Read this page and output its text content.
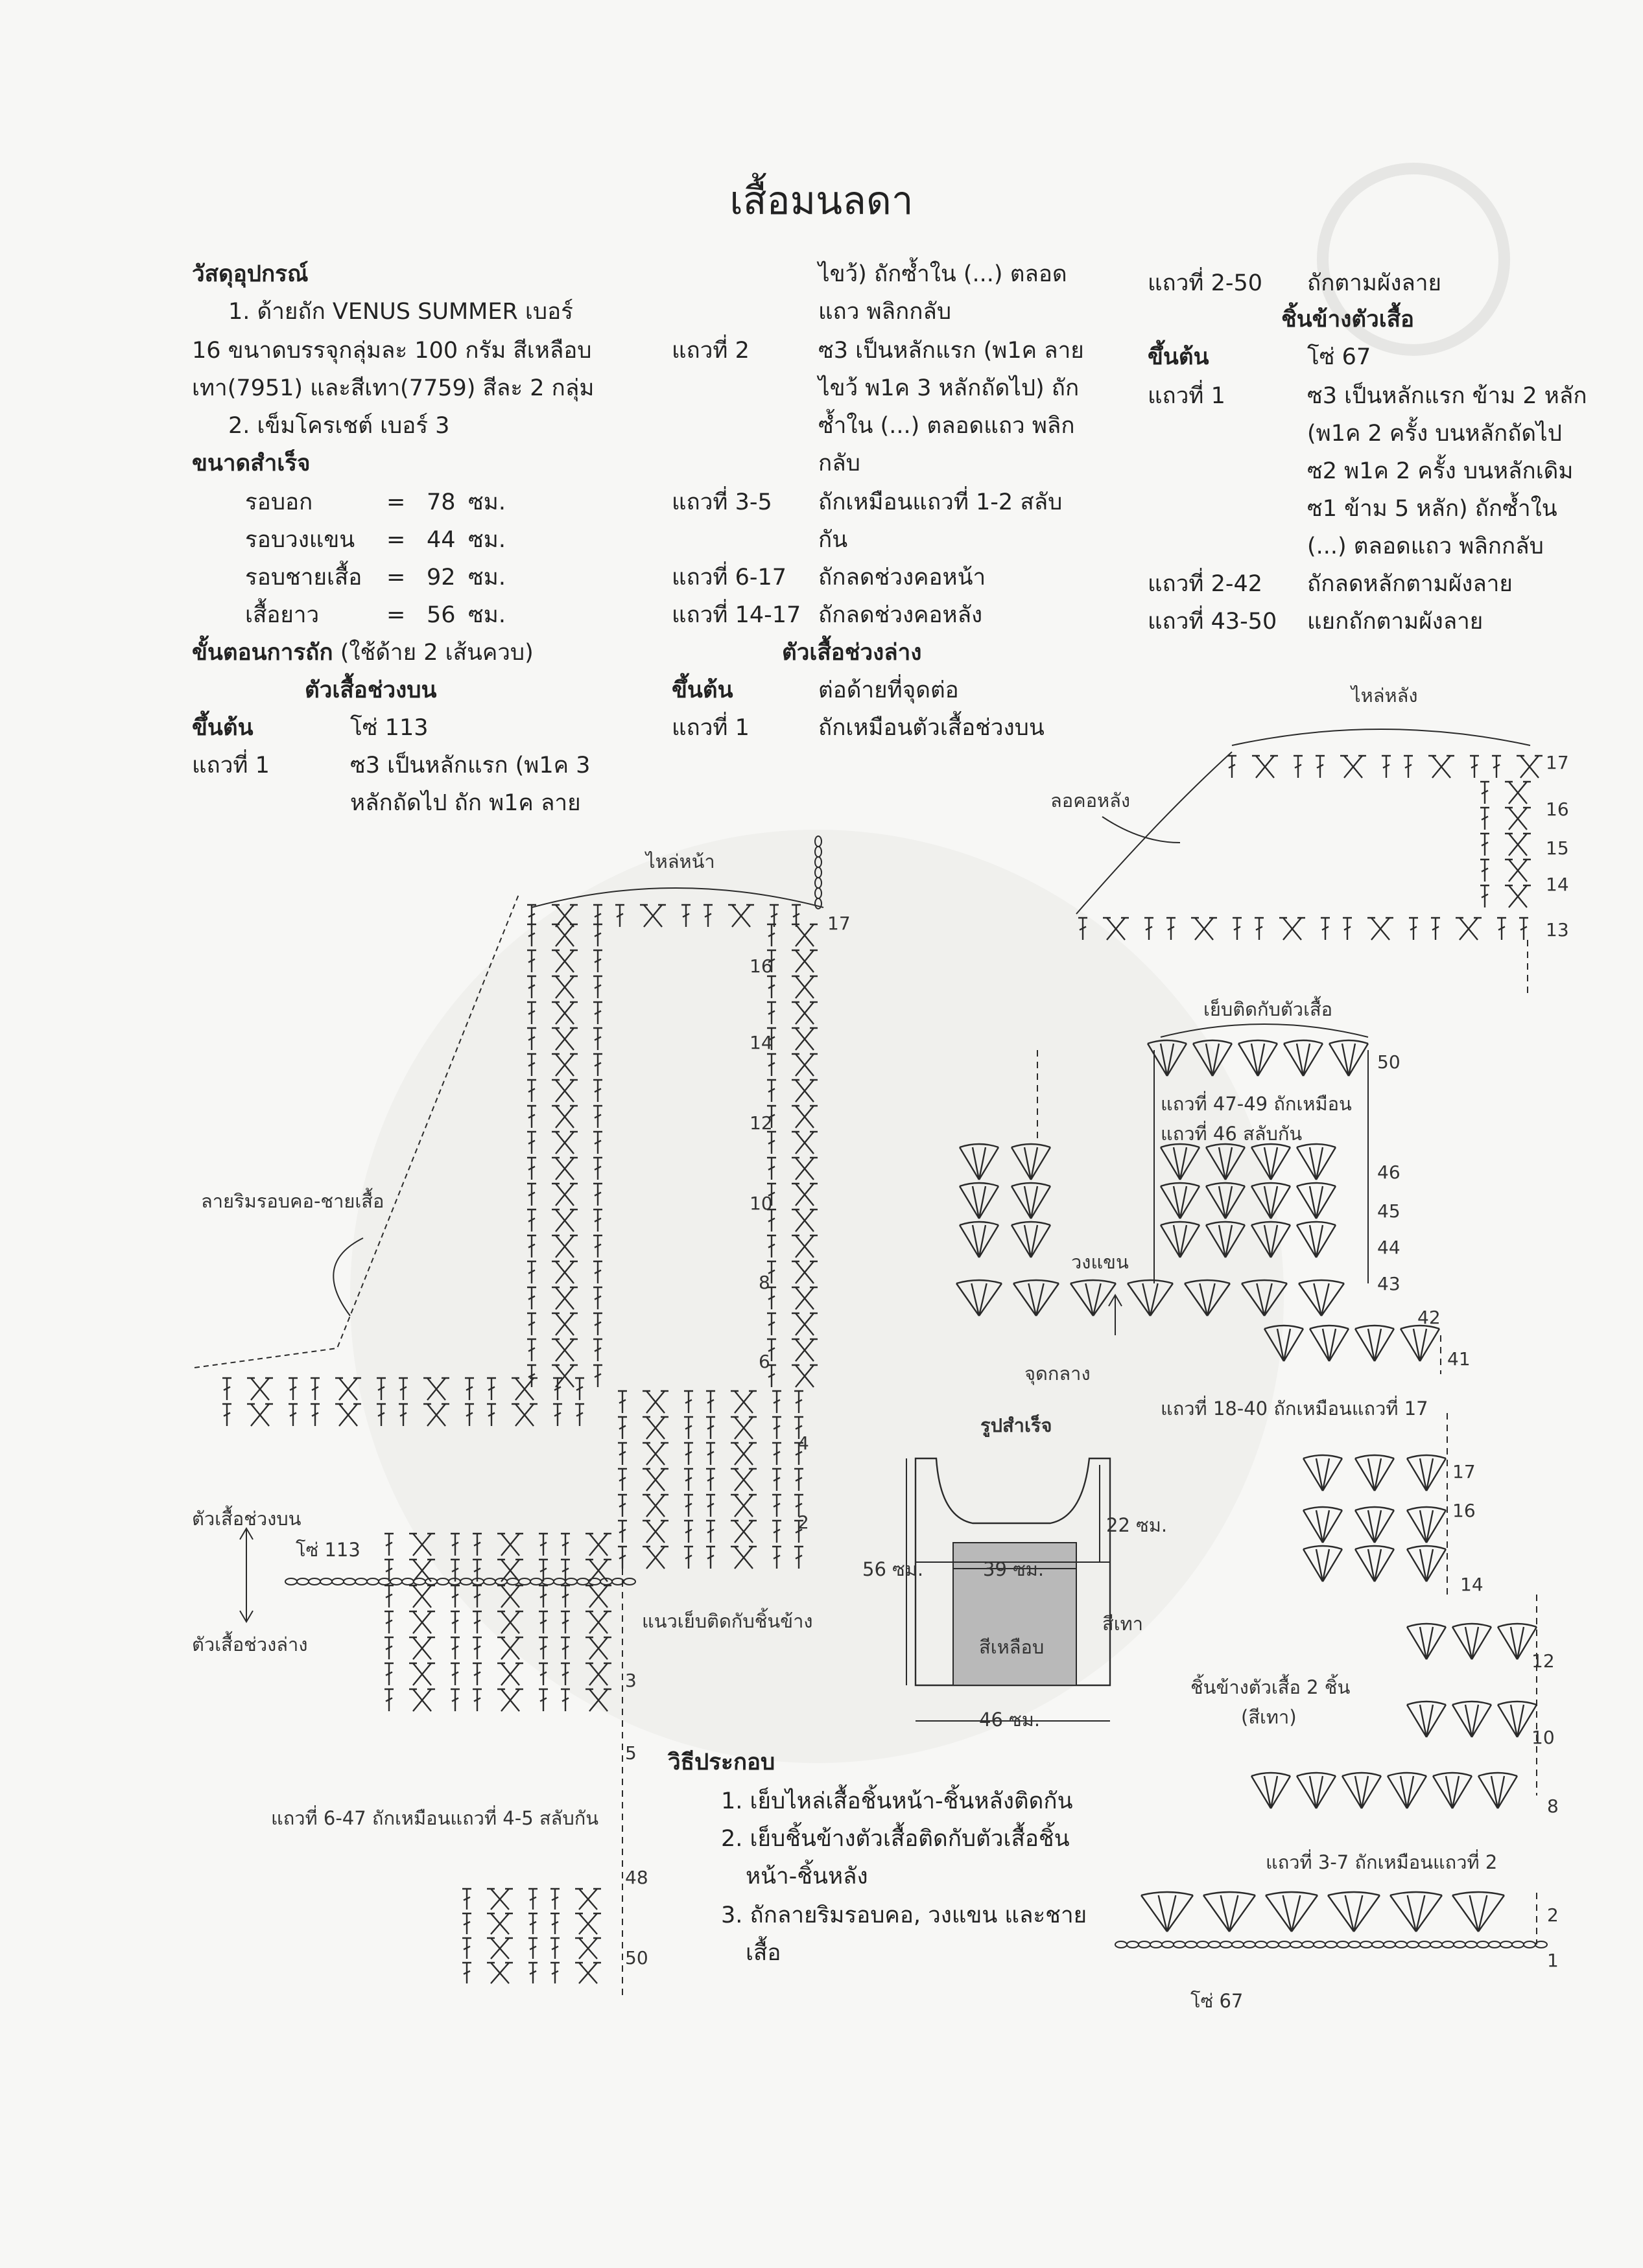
เสื้อมนลดา
วัสดุอุปกรณ์
1. ด้ายถัก VENUS SUMMER เบอร์
16 ขนาดบรรจุกลุ่มละ 100 กรัม สีเหลือบ
เทา(7951) และสีเทา(7759) สีละ 2 กลุ่ม
2. เข็มโครเชต์ เบอร์ 3
ขนาดสำเร็จ
รอบอก	= 78 ซม.
รอบวงแขน = 44 ซม.
รอบชายเสื้อ = 92 ซม.
เสื้อยาว	= 56 ซม.
ขั้นตอนการถัก (ใช้ด้าย 2 เส้นควบ)
ตัวเสื้อช่วงบน
ขึ้นต้น	โซ่ 113
แถวที่ 1	ซ3 เป็นหลักแรก (พ1ค 3
หลักถัดไป ถัก พ1ค ลาย
ไขว้) ถักซ้ำใน (...) ตลอด
แถว พลิกกลับ
แถวที่ 2	ซ3 เป็นหลักแรก (พ1ค ลาย
ไขว้ พ1ค 3 หลักถัดไป) ถัก
ซ้ำใน (...) ตลอดแถว พลิก
กลับ
แถวที่ 3-5 ถักเหมือนแถวที่ 1-2 สลับ
กัน
แถวที่ 6-17 ถักลดช่วงคอหน้า
แถวที่ 14-17 ถักลดช่วงคอหลัง
ตัวเสื้อช่วงล่าง
ขึ้นต้น	ต่อด้ายที่จุดต่อ
แถวที่ 1	ถักเหมือนตัวเสื้อช่วงบน
แถวที่ 2-50 ถักตามผังลาย
ชิ้นข้างตัวเสื้อ
ขึ้นต้น	โซ่ 67
แถวที่ 1	ซ3 เป็นหลักแรก ข้าม 2 หลัก
(พ1ค 2 ครั้ง บนหลักถัดไป
ซ2 พ1ค 2 ครั้ง บนหลักเดิม
ซ1 ข้าม 5 หลัก) ถักซ้ำใน
(...) ตลอดแถว พลิกกลับ
แถวที่ 2-42 ถักลดหลักตามผังลาย
แถวที่ 43-50 แยกถักตามผังลาย
วิธีประกอบ
1. เย็บไหล่เสื้อชิ้นหน้า-ชิ้นหลังติดกัน
2. เย็บชิ้นข้างตัวเสื้อติดกับตัวเสื้อชิ้น
หน้า-ชิ้นหลัง
3. ถักลายริมรอบคอ, วงแขน และชาย
เสื้อ
ไหล่หน้า
ลายริมรอบคอ-ชายเสื้อ
ตัวเสื้อช่วงบน
โซ่ 113
ตัวเสื้อช่วงล่าง
แนวเย็บติดกับชิ้นข้าง
แถวที่ 6-47 ถักเหมือนแถวที่ 4-5 สลับกัน
17
16
14
12
10
8
6
4
2
3
5
48
50
ไหล่หลัง
ลอคอหลัง
17
16
15
14
13
เย็บติดกับตัวเสื้อ
แถวที่ 47-49 ถักเหมือน
แถวที่ 46 สลับกัน
วงแขน
จุดกลาง
แถวที่ 18-40 ถักเหมือนแถวที่ 17
ชิ้นข้างตัวเสื้อ 2 ชิ้น
(สีเทา)
แถวที่ 3-7 ถักเหมือนแถวที่ 2
โซ่ 67
50
46
45
44
43
42
41
17
16
14
12
10
8
2
1
รูปสำเร็จ
22 ซม.
56 ซม.	39 ซม.
46 ซม.
สีเหลือบ
สีเทา
